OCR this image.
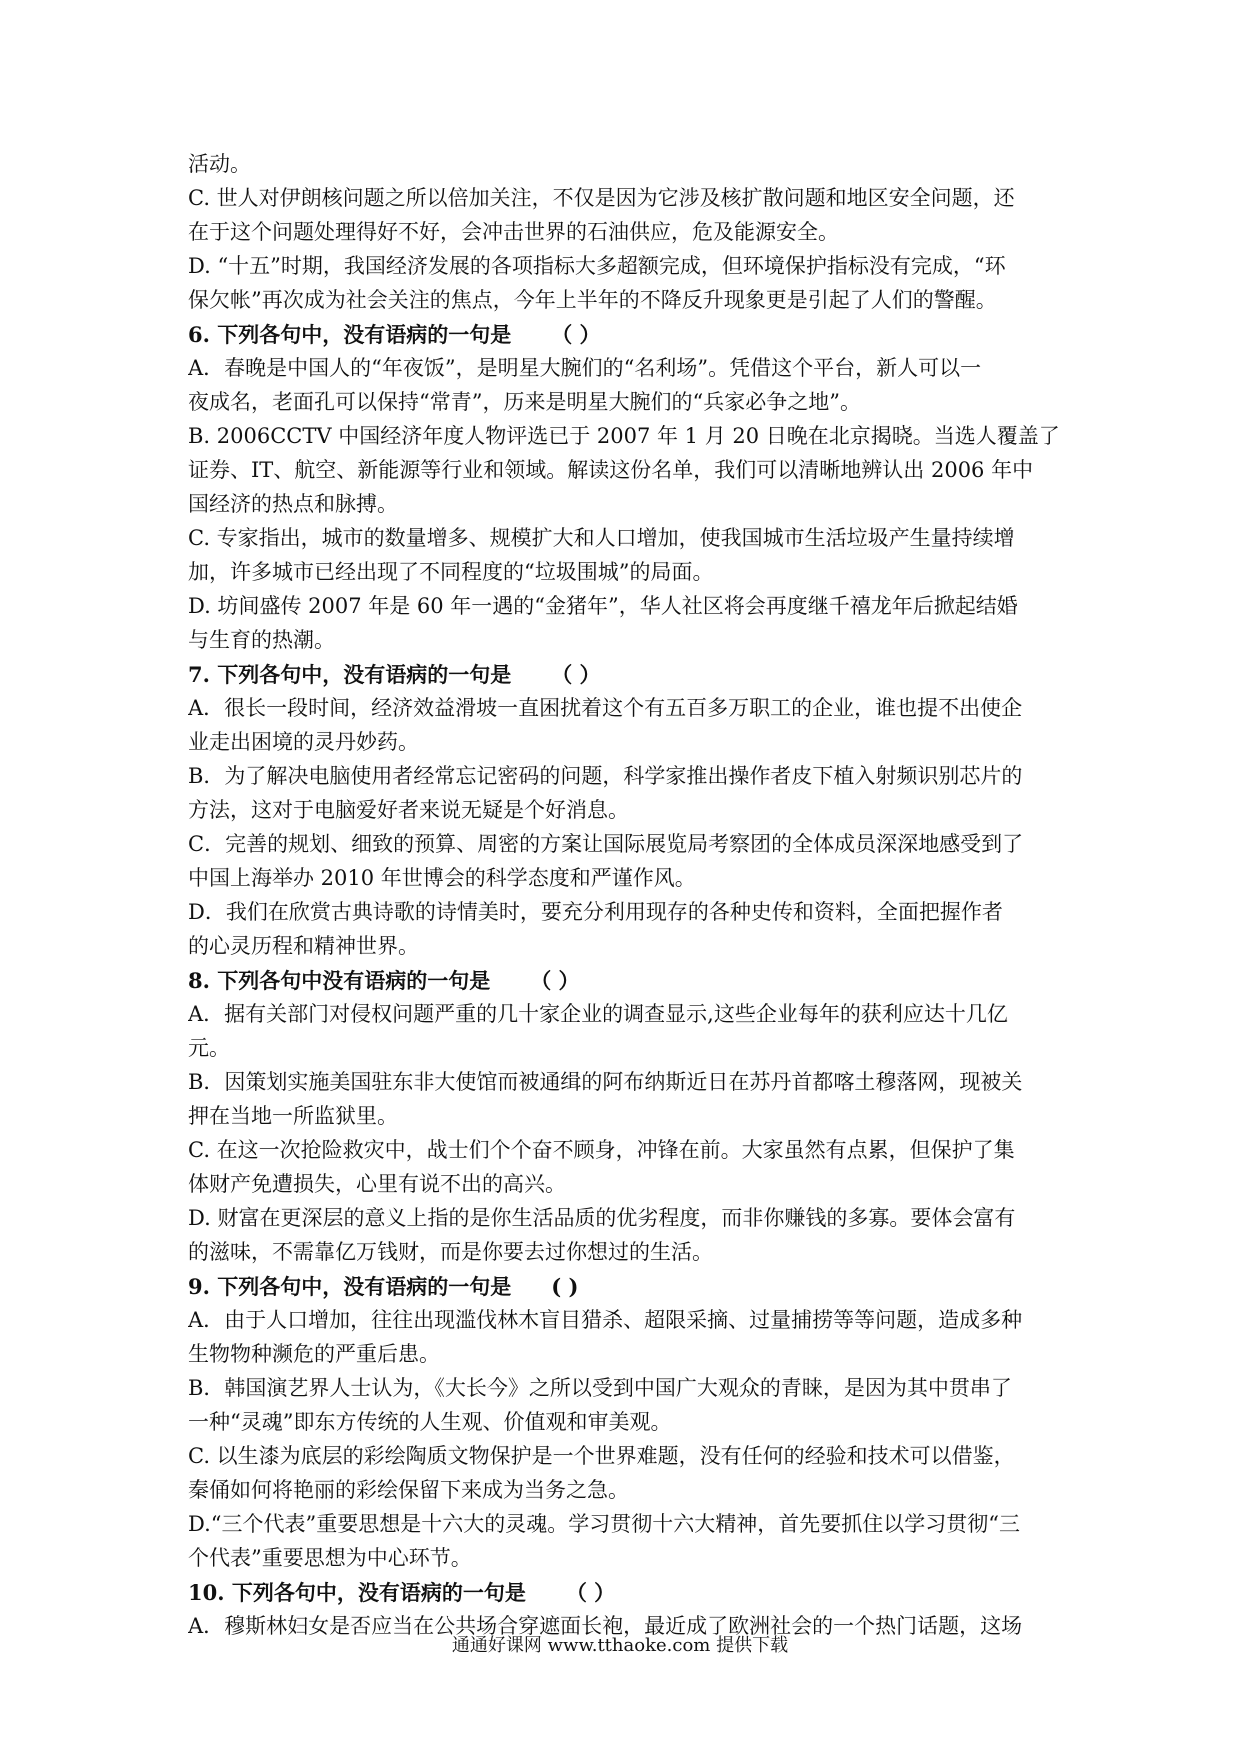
活动。
C. 世人对伊朗核问题之所以倍加关注，不仅是因为它涉及核扩散问题和地区安全问题，还
在于这个问题处理得好不好，会冲击世界的石油供应，危及能源安全。
D. “十五”时期，我国经济发展的各项指标大多超额完成，但环境保护指标没有完成，“环
保欠帐”再次成为社会关注的焦点，今年上半年的不降反升现象更是引起了人们的警醒。
6. 下列各句中，没有语病的一句是 （ ）
A．春晚是中国人的“年夜饭”，是明星大腕们的“名利场”。凭借这个平台，新人可以一
夜成名，老面孔可以保持“常青”，历来是明星大腕们的“兵家必争之地”。
B. 2006CCTV 中国经济年度人物评选已于 2007 年 1 月 20 日晚在北京揭晓。当选人覆盖了
证券、IT、航空、新能源等行业和领域。解读这份名单，我们可以清晰地辨认出 2006 年中
国经济的热点和脉搏。
C. 专家指出，城市的数量增多、规模扩大和人口增加，使我国城市生活垃圾产生量持续增
加，许多城市已经出现了不同程度的“垃圾围城”的局面。
D. 坊间盛传 2007 年是 60 年一遇的“金猪年”，华人社区将会再度继千禧龙年后掀起结婚
与生育的热潮。
7. 下列各句中，没有语病的一句是 （ ）
A．很长一段时间，经济效益滑坡一直困扰着这个有五百多万职工的企业，谁也提不出使企
业走出困境的灵丹妙药。
B．为了解决电脑使用者经常忘记密码的问题，科学家推出操作者皮下植入射频识别芯片的
方法，这对于电脑爱好者来说无疑是个好消息。
C．完善的规划、细致的预算、周密的方案让国际展览局考察团的全体成员深深地感受到了
中国上海举办 2010 年世博会的科学态度和严谨作风。
D．我们在欣赏古典诗歌的诗情美时，要充分利用现存的各种史传和资料，全面把握作者
的心灵历程和精神世界。
8. 下列各句中没有语病的一句是 （ ）
A．据有关部门对侵权问题严重的几十家企业的调查显示,这些企业每年的获利应达十几亿
元。
B．因策划实施美国驻东非大使馆而被通缉的阿布纳斯近日在苏丹首都喀土穆落网，现被关
押在当地一所监狱里。
C. 在这一次抢险救灾中，战士们个个奋不顾身，冲锋在前。大家虽然有点累，但保护了集
体财产免遭损失，心里有说不出的高兴。
D. 财富在更深层的意义上指的是你生活品质的优劣程度，而非你赚钱的多寡。要体会富有
的滋味，不需靠亿万钱财，而是你要去过你想过的生活。
9. 下列各句中，没有语病的一句是 ( )
A．由于人口增加，往往出现滥伐林木盲目猎杀、超限采摘、过量捕捞等等问题，造成多种
生物物种濒危的严重后患。
B．韩国演艺界人士认为，《大长今》之所以受到中国广大观众的青睐，是因为其中贯串了
一种“灵魂”即东方传统的人生观、价值观和审美观。
C. 以生漆为底层的彩绘陶质文物保护是一个世界难题，没有任何的经验和技术可以借鉴，
秦俑如何将艳丽的彩绘保留下来成为当务之急。
D.“三个代表”重要思想是十六大的灵魂。学习贯彻十六大精神，首先要抓住以学习贯彻“三
个代表”重要思想为中心环节。
10. 下列各句中，没有语病的一句是 （ ）
A．穆斯林妇女是否应当在公共场合穿遮面长袍，最近成了欧洲社会的一个热门话题，这场
通通好课网 www.tthaoke.com 提供下载
